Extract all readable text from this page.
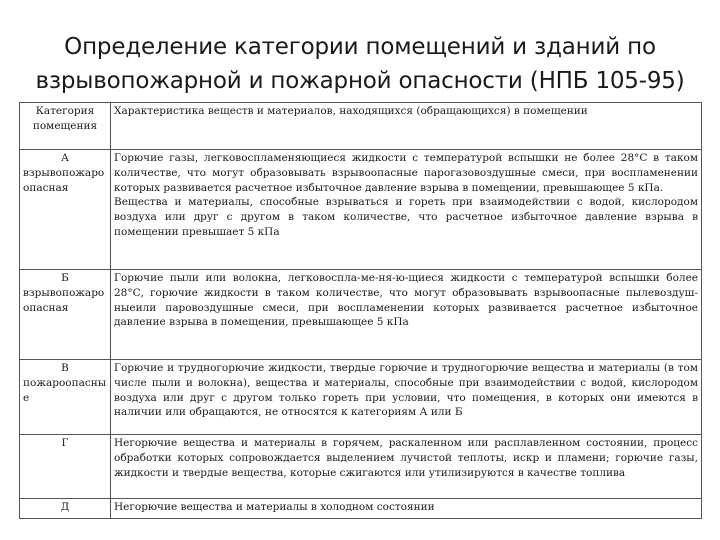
Определение категории помещений и зданий по
взрывопожарной и пожарной опасности (НПБ 105-95)
Категория помещения	Характеристика веществ и материалов, находящихся (обращающихся) в помещении

А
взрывопожароопасная	Горючие газы, легковоспламеняющиеся жидкости с температурой вспышки не более 28°С в таком количестве, что могут образовывать взрывоопасные парогазовоздушные смеси, при воспламенении которых развивается расчетное избыточное давление взрыва в помещении, превышающее 5 кПа.
Вещества и материалы, способные взрываться и гореть при взаимодействии с водой, кислородом воздуха или друг с другом в таком количестве, что расчетное избыточное давление взрыва в помещении превышает 5 кПа

Б
взрывопожароопасная	Горючие пыли или волокна, легковоспла-ме-ня-ю-щиеся жидкости с температурой вспышки более 28°С, горючие жидкости в таком количестве, что могут образовывать взрывоопасные пылевоздуш-ныеили паровоздушные смеси, при воспламенении которых развивается расчетное избыточное давление взрыва в помещении, превышающее 5 кПа

В
пожароопасные	Горючие и трудногорючие жидкости, твердые горючие и трудногорючие вещества и материалы (в том числе пыли и волокна), вещества и материалы, способные при взаимодействии с водой, кислородом воздуха или друг с другом только гореть при условии, что помещения, в которых они имеются в наличии или обращаются, не относятся к категориям А или Б

Г	Негорючие вещества и материалы в горячем, раскаленном или расплавленном состоянии, процесс обработки которых сопровождается выделением лучистой теплоты, искр и пламени; горючие газы, жидкости и твердые вещества, которые сжигаются или утилизируются в качестве топлива

Д	Негорючие вещества и материалы в холодном состоянии
